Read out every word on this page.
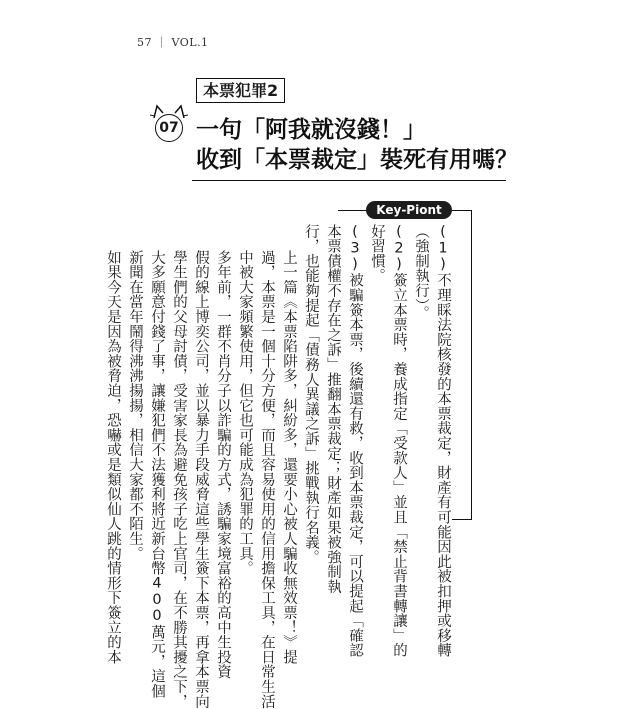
57 ｜ VOL.1
本票犯罪2
07 一句「阿我就沒錢！」
收到「本票裁定」裝死有用嗎？
Key-Piont
(1)不理睬法院核發的本票裁定，財產有可能因此被扣押或移轉
（強制執行）。
(2)簽立本票時，養成指定「受款人」並且「禁止背書轉讓」的
好習慣。
(3)被騙簽本票，後續還有救，收到本票裁定，可以提起「確認
本票債權不存在之訴」推翻本票裁定；財產如果被強制執
行，也能夠提起「債務人異議之訴」挑戰執行名義。
上一篇《本票陷阱多，糾紛多，還要小心被人騙收無效票！》提
過，本票是一個十分方便，而且容易使用的信用擔保工具，在日常生活
中被大家頻繁使用，但它也可能成為犯罪的工具。
多年前，一群不肖分子以詐騙的方式，誘騙家境富裕的高中生投資
假的線上博奕公司，並以暴力手段威脅這些學生簽下本票，再拿本票向
學生們的父母討債，受害家長為避免孩子吃上官司，在不勝其擾之下，
大多願意付錢了事，讓嫌犯們不法獲利將近新台幣400萬元，這個
新聞在當年鬧得沸沸揚揚，相信大家都不陌生。
如果今天是因為被脅迫，恐嚇或是類似仙人跳的情形下簽立的本
